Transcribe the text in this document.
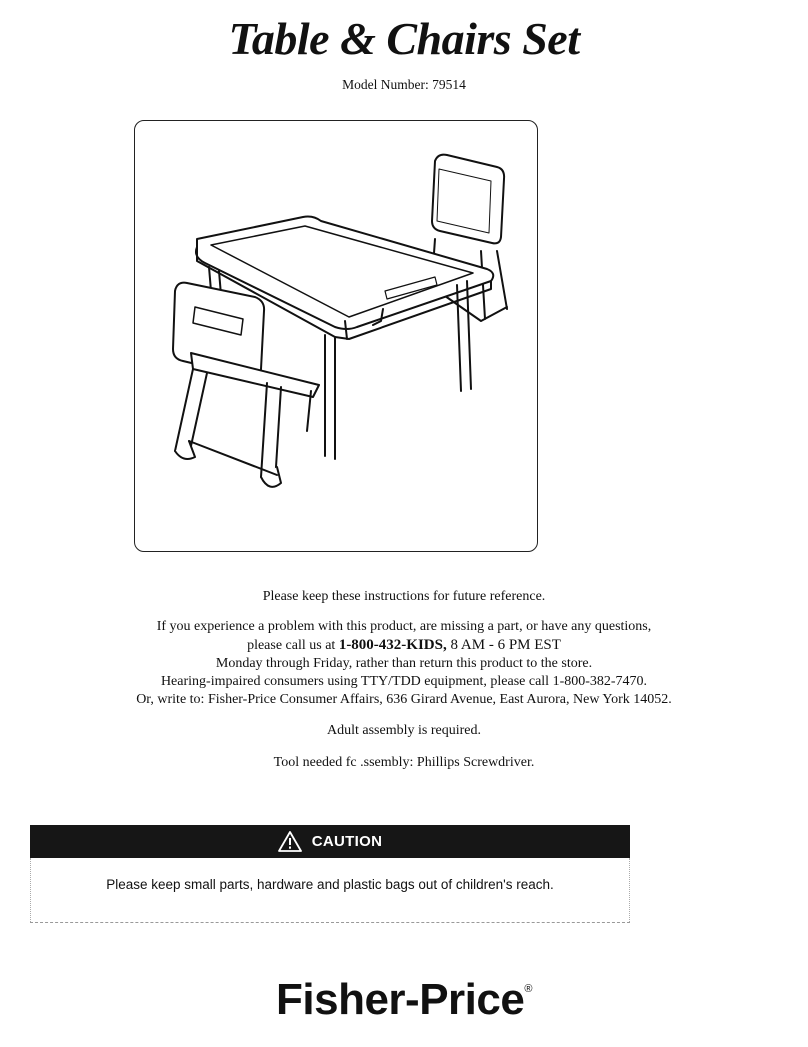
Table & Chairs Set
Model Number: 79514
Please keep these instructions for future reference.
If you experience a problem with this product, are missing a part, or have any questions,
please call us at 1-800-432-KIDS, 8 AM - 6 PM EST
Monday through Friday, rather than return this product to the store.
Hearing-impaired consumers using TTY/TDD equipment, please call 1-800-382-7470.
Or, write to: Fisher-Price Consumer Affairs, 636 Girard Avenue, East Aurora, New York 14052.
Adult assembly is required.
Tool needed fc .ssembly: Phillips Screwdriver.
CAUTION
Please keep small parts, hardware and plastic bags out of children's reach.
Fisher-Price®
